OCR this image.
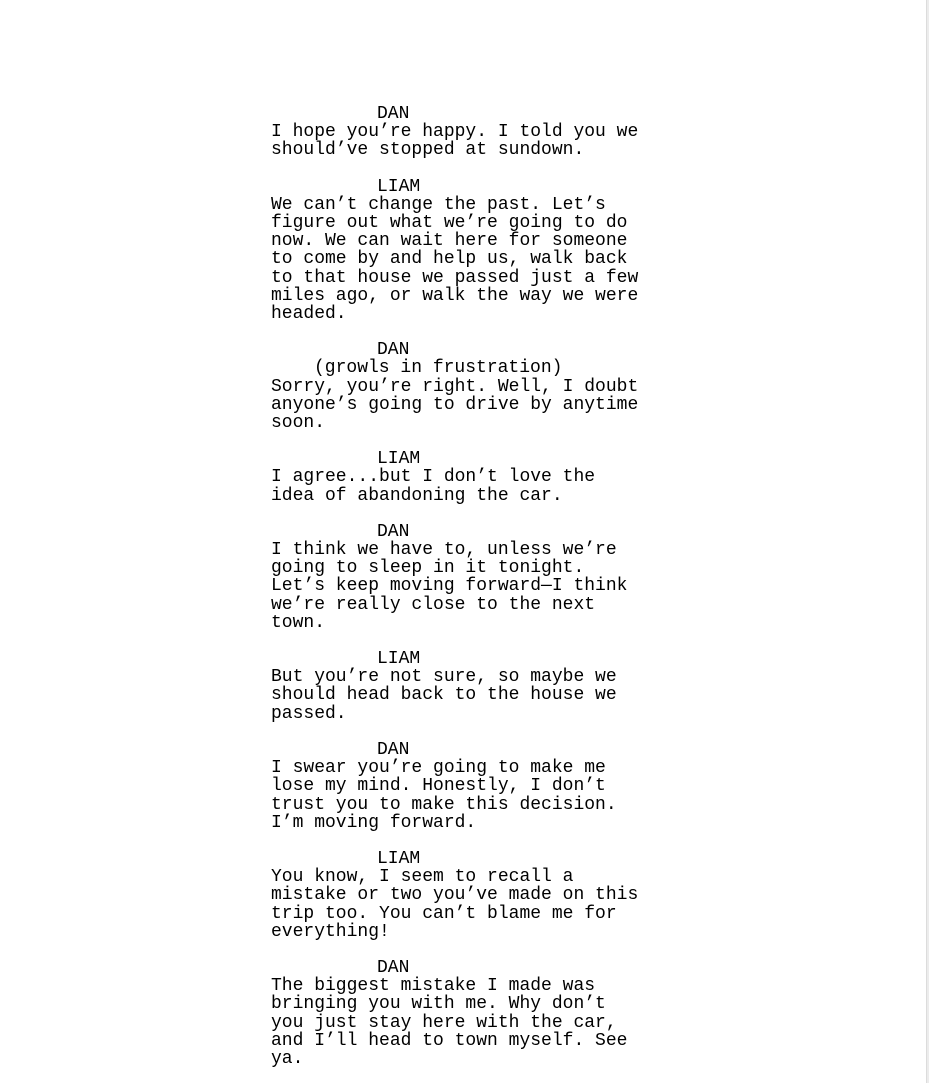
DAN
I hope you’re happy. I told you we
should’ve stopped at sundown.
LIAM
We can’t change the past. Let’s
figure out what we’re going to do
now. We can wait here for someone
to come by and help us, walk back
to that house we passed just a few
miles ago, or walk the way we were
headed.
DAN
(growls in frustration)
Sorry, you’re right. Well, I doubt
anyone’s going to drive by anytime
soon.
LIAM
I agree...but I don’t love the
idea of abandoning the car.
DAN
I think we have to, unless we’re
going to sleep in it tonight.
Let’s keep moving forward—I think
we’re really close to the next
town.
LIAM
But you’re not sure, so maybe we
should head back to the house we
passed.
DAN
I swear you’re going to make me
lose my mind. Honestly, I don’t
trust you to make this decision.
I’m moving forward.
LIAM
You know, I seem to recall a
mistake or two you’ve made on this
trip too. You can’t blame me for
everything!
DAN
The biggest mistake I made was
bringing you with me. Why don’t
you just stay here with the car,
and I’ll head to town myself. See
ya.
